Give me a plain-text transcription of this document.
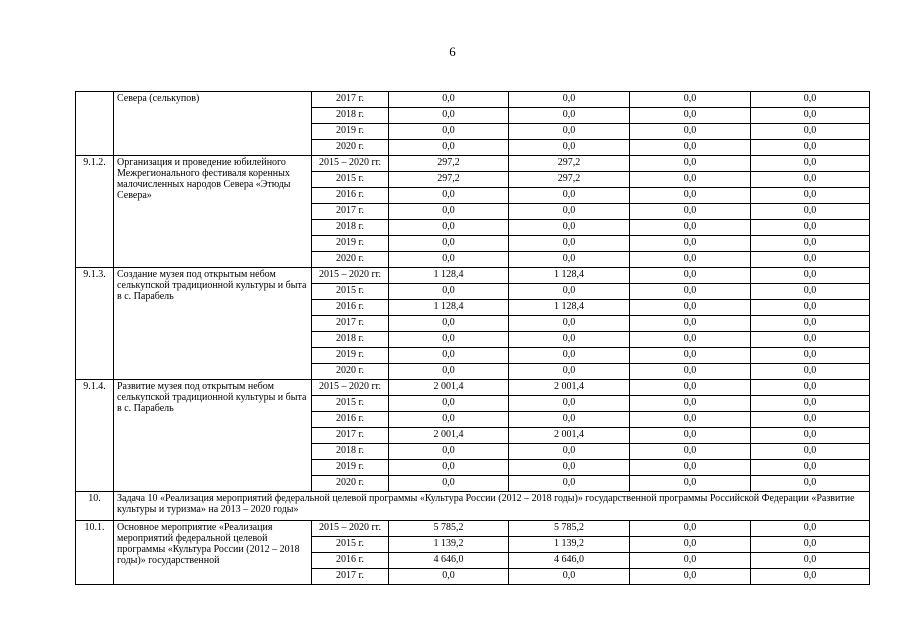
6
	Севера (селькупов)	2017 г.	0,0	0,0	0,0	0,0
		2018 г.	0,0	0,0	0,0	0,0
		2019 г.	0,0	0,0	0,0	0,0
		2020 г.	0,0	0,0	0,0	0,0
9.1.2.	Организация и проведение юбилейного Межрегионального фестиваля коренных малочисленных народов Севера «Этюды Севера»	2015 – 2020 гг.	297,2	297,2	0,0	0,0
		2015 г.	297,2	297,2	0,0	0,0
		2016 г.	0,0	0,0	0,0	0,0
		2017 г.	0,0	0,0	0,0	0,0
		2018 г.	0,0	0,0	0,0	0,0
		2019 г.	0,0	0,0	0,0	0,0
		2020 г.	0,0	0,0	0,0	0,0
9.1.3.	Создание музея под открытым небом селькупской традиционной культуры и быта в с. Парабель	2015 – 2020 гг.	1 128,4	1 128,4	0,0	0,0
		2015 г.	0,0	0,0	0,0	0,0
		2016 г.	1 128,4	1 128,4	0,0	0,0
		2017 г.	0,0	0,0	0,0	0,0
		2018 г.	0,0	0,0	0,0	0,0
		2019 г.	0,0	0,0	0,0	0,0
		2020 г.	0,0	0,0	0,0	0,0
9.1.4.	Развитие музея под открытым небом селькупской традиционной культуры и быта в с. Парабель	2015 – 2020 гг.	2 001,4	2 001,4	0,0	0,0
		2015 г.	0,0	0,0	0,0	0,0
		2016 г.	0,0	0,0	0,0	0,0
		2017 г.	2 001,4	2 001,4	0,0	0,0
		2018 г.	0,0	0,0	0,0	0,0
		2019 г.	0,0	0,0	0,0	0,0
		2020 г.	0,0	0,0	0,0	0,0
10.	Задача 10 «Реализация мероприятий федеральной целевой программы «Культура России (2012 – 2018 годы)» государственной программы Российской Федерации «Развитие культуры и туризма» на 2013 – 2020 годы»					
10.1.	Основное мероприятие «Реализация мероприятий федеральной целевой программы «Культура России (2012 – 2018 годы)» государственной	2015 – 2020 гг.	5 785,2	5 785,2	0,0	0,0
		2015 г.	1 139,2	1 139,2	0,0	0,0
		2016 г.	4 646,0	4 646,0	0,0	0,0
		2017 г.	0,0	0,0	0,0	0,0
